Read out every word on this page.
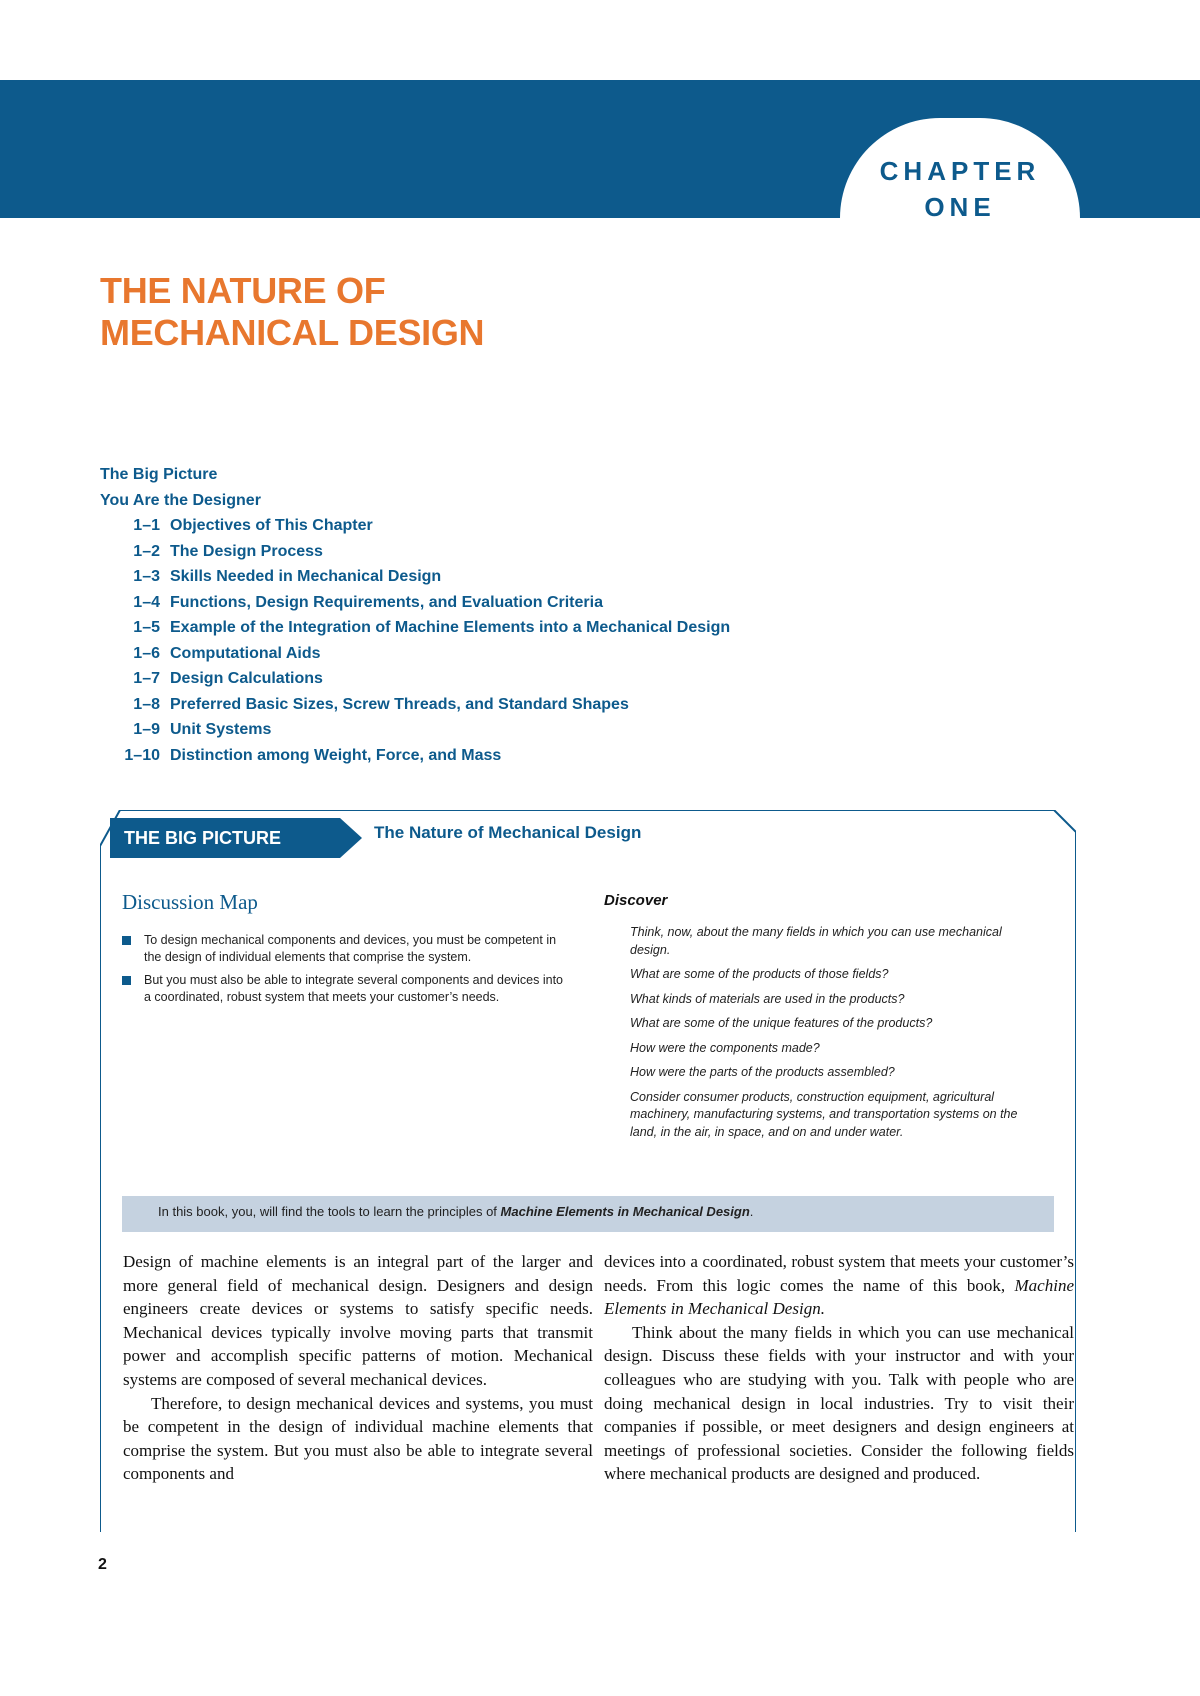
CHAPTER
ONE
THE NATURE OF
MECHANICAL DESIGN
The Big Picture
You Are the Designer
1–1 Objectives of This Chapter
1–2 The Design Process
1–3 Skills Needed in Mechanical Design
1–4 Functions, Design Requirements, and Evaluation Criteria
1–5 Example of the Integration of Machine Elements into a Mechanical Design
1–6 Computational Aids
1–7 Design Calculations
1–8 Preferred Basic Sizes, Screw Threads, and Standard Shapes
1–9 Unit Systems
1–10 Distinction among Weight, Force, and Mass
THE BIG PICTURE	The Nature of Mechanical Design
Discussion Map
To design mechanical components and devices, you must be competent in the design of individual elements that comprise the system.
But you must also be able to integrate several components and devices into a coordinated, robust system that meets your customer’s needs.
Discover
Think, now, about the many fields in which you can use mechanical design.
What are some of the products of those fields?
What kinds of materials are used in the products?
What are some of the unique features of the products?
How were the components made?
How were the parts of the products assembled?
Consider consumer products, construction equipment, agricultural machinery, manufacturing systems, and transportation systems on the land, in the air, in space, and on and under water.
In this book, you, will find the tools to learn the principles of Machine Elements in Mechanical Design.

Design of machine elements is an integral part of the larger and more general field of mechanical design. Designers and design engineers create devices or systems to satisfy specific needs. Mechanical devices typically involve moving parts that transmit power and accomplish specific patterns of motion. Mechanical systems are composed of several mechanical devices.

Therefore, to design mechanical devices and systems, you must be competent in the design of individual machine elements that comprise the system. But you must also be able to integrate several components and

devices into a coordinated, robust system that meets your customer’s needs. From this logic comes the name of this book, Machine Elements in Mechanical Design.

Think about the many fields in which you can use mechanical design. Discuss these fields with your instructor and with your colleagues who are studying with you. Talk with people who are doing mechanical design in local industries. Try to visit their companies if possible, or meet designers and design engineers at meetings of professional societies. Consider the following fields where mechanical products are designed and produced.

2
